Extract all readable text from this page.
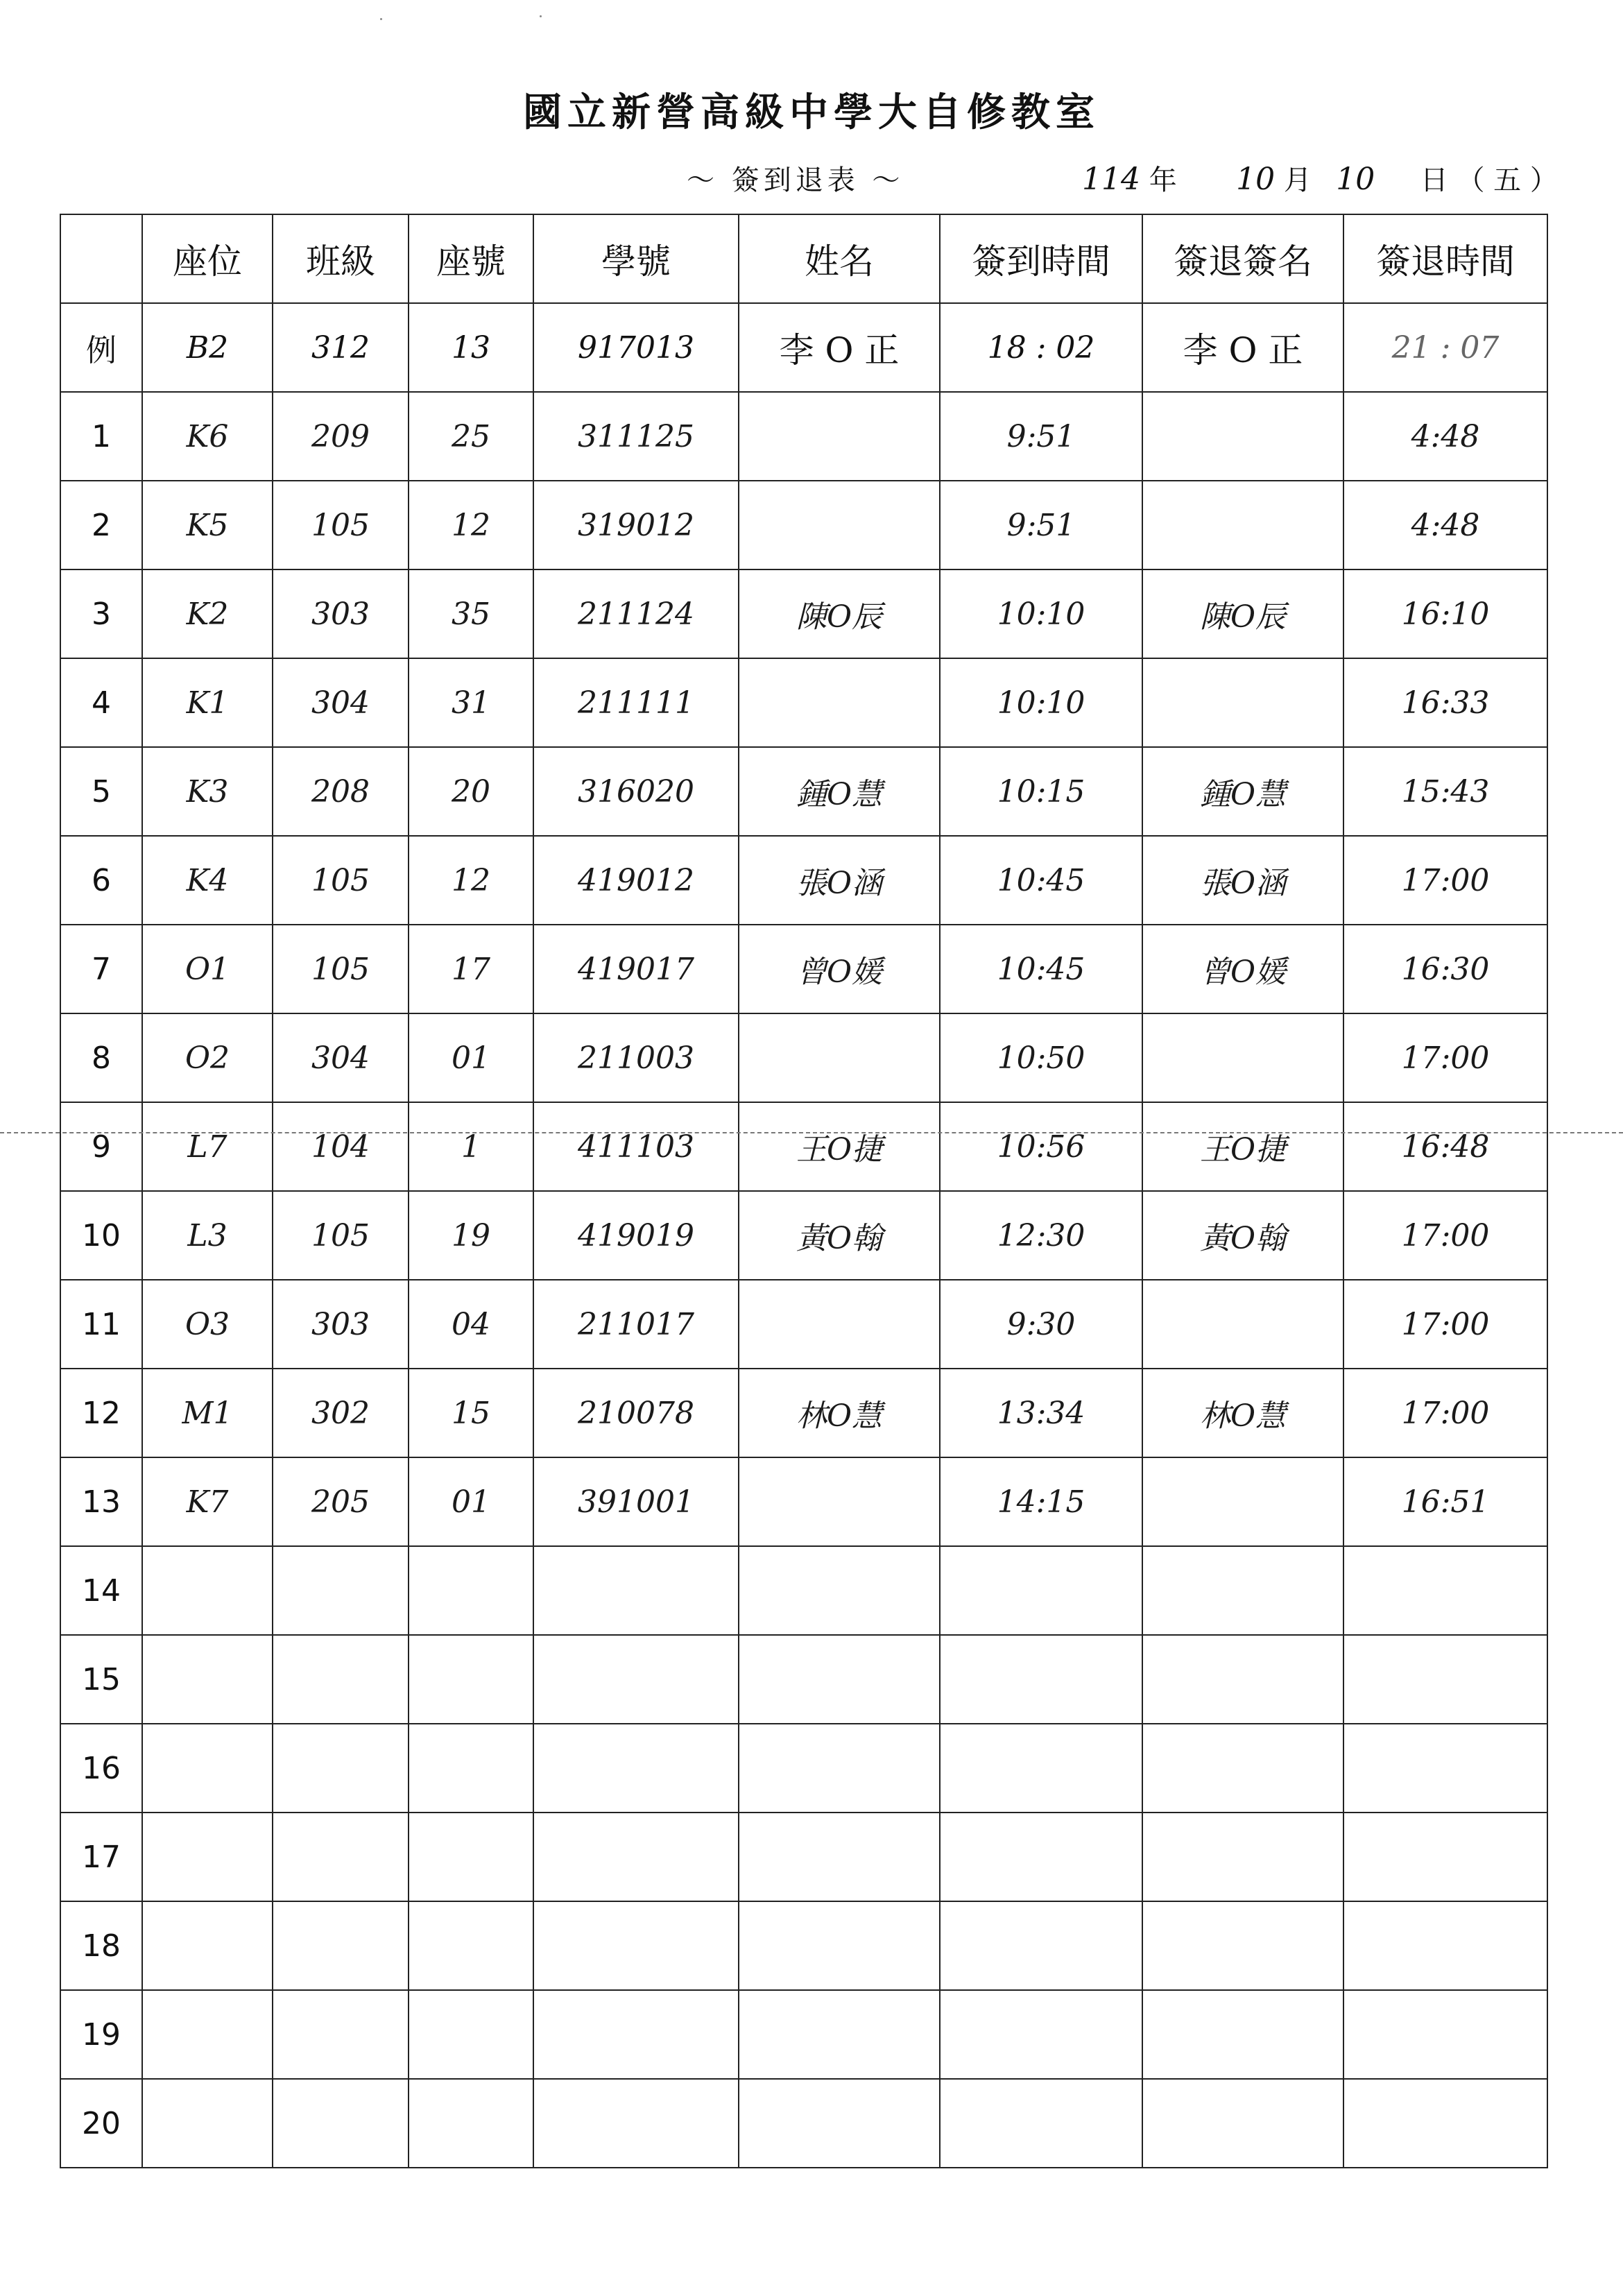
國立新營高級中學大自修教室
～ 簽到退表 ～	114 年 10 月 10 日 （ 五 ）
	座位	班級	座號	學號	姓名	簽到時間	簽退簽名	簽退時間
例	B2	312	13	917013	李 O 正	18 : 02	李 O 正	21 : 07
1	K6	209	25	311125		9:51		4:48
2	K5	105	12	319012		9:51		4:48
3	K2	303	35	211124	陳O辰	10:10	陳O辰	16:10
4	K1	304	31	211111		10:10		16:33
5	K3	208	20	316020	鍾O慧	10:15	鍾O慧	15:43
6	K4	105	12	419012	張O涵	10:45	張O涵	17:00
7	O1	105	17	419017	曾O媛	10:45	曾O媛	16:30
8	O2	304	01	211003		10:50		17:00
9	L7	104	1	411103	王O捷	10:56	王O捷	16:48
10	L3	105	19	419019	黃O翰	12:30	黃O翰	17:00
11	O3	303	04	211017		9:30		17:00
12	M1	302	15	210078	林O慧	13:34	林O慧	17:00
13	K7	205	01	391001		14:15		16:51
14								
15								
16								
17								
18								
19								
20								
